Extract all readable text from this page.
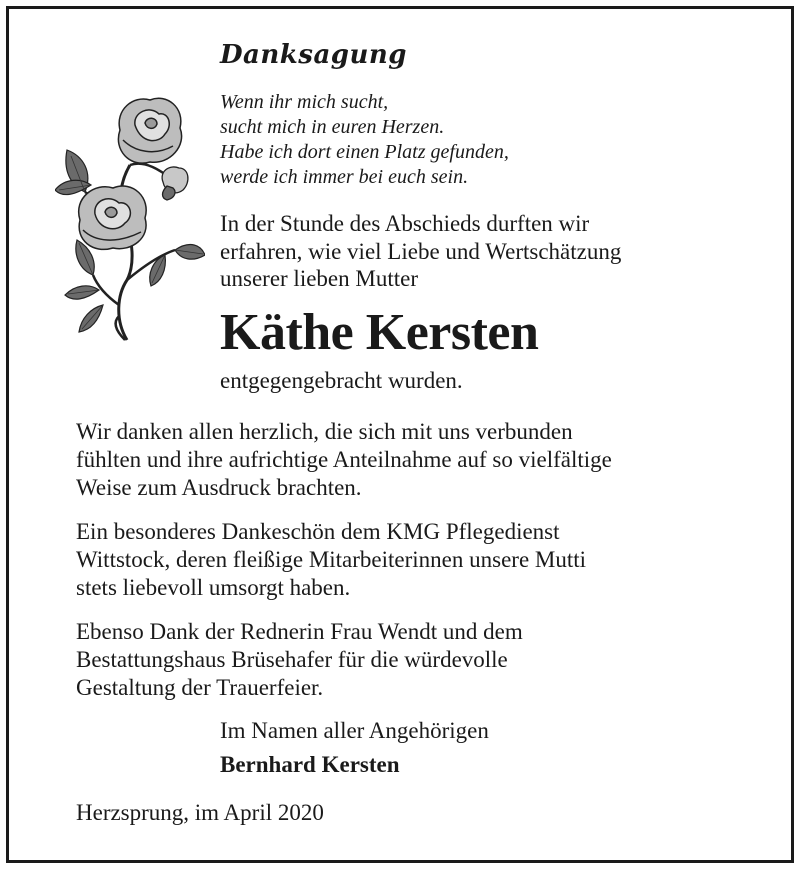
Danksagung
Wenn ihr mich sucht,
sucht mich in euren Herzen.
Habe ich dort einen Platz gefunden,
werde ich immer bei euch sein.
In der Stunde des Abschieds durften wir
erfahren, wie viel Liebe und Wertschätzung
unserer lieben Mutter
Käthe Kersten
entgegengebracht wurden.
Wir danken allen herzlich, die sich mit uns verbunden
fühlten und ihre aufrichtige Anteilnahme auf so vielfältige
Weise zum Ausdruck brachten.
Ein besonderes Dankeschön dem KMG Pflegedienst
Wittstock, deren fleißige Mitarbeiterinnen unsere Mutti
stets liebevoll umsorgt haben.
Ebenso Dank der Rednerin Frau Wendt und dem
Bestattungshaus Brüsehafer für die würdevolle
Gestaltung der Trauerfeier.
Im Namen aller Angehörigen
Bernhard Kersten
Herzsprung, im April 2020
